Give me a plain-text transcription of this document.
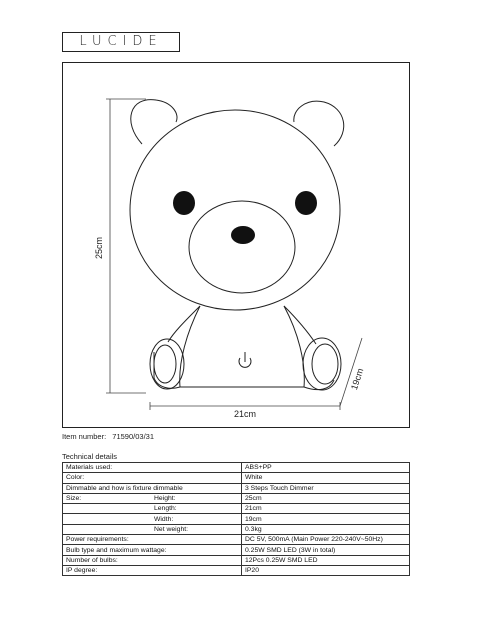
LUCIDE
25cm
21cm
19cm
Item number: 71590/03/31
Technical details
Materials used:	ABS+PP
Color:	White
Dimmable and how is fixture dimmable	3 Steps Touch Dimmer

Size: Height:	25cm

Length:	21cm

Width:	19cm

Net weight:	0.3kg
Power requirements:	DC 5V, 500mA (Main Power 220-240V~50Hz)
Bulb type and maximum wattage:	0.25W SMD LED (3W in total)
Number of bulbs:	12Pcs 0.25W SMD LED
IP degree:	IP20
